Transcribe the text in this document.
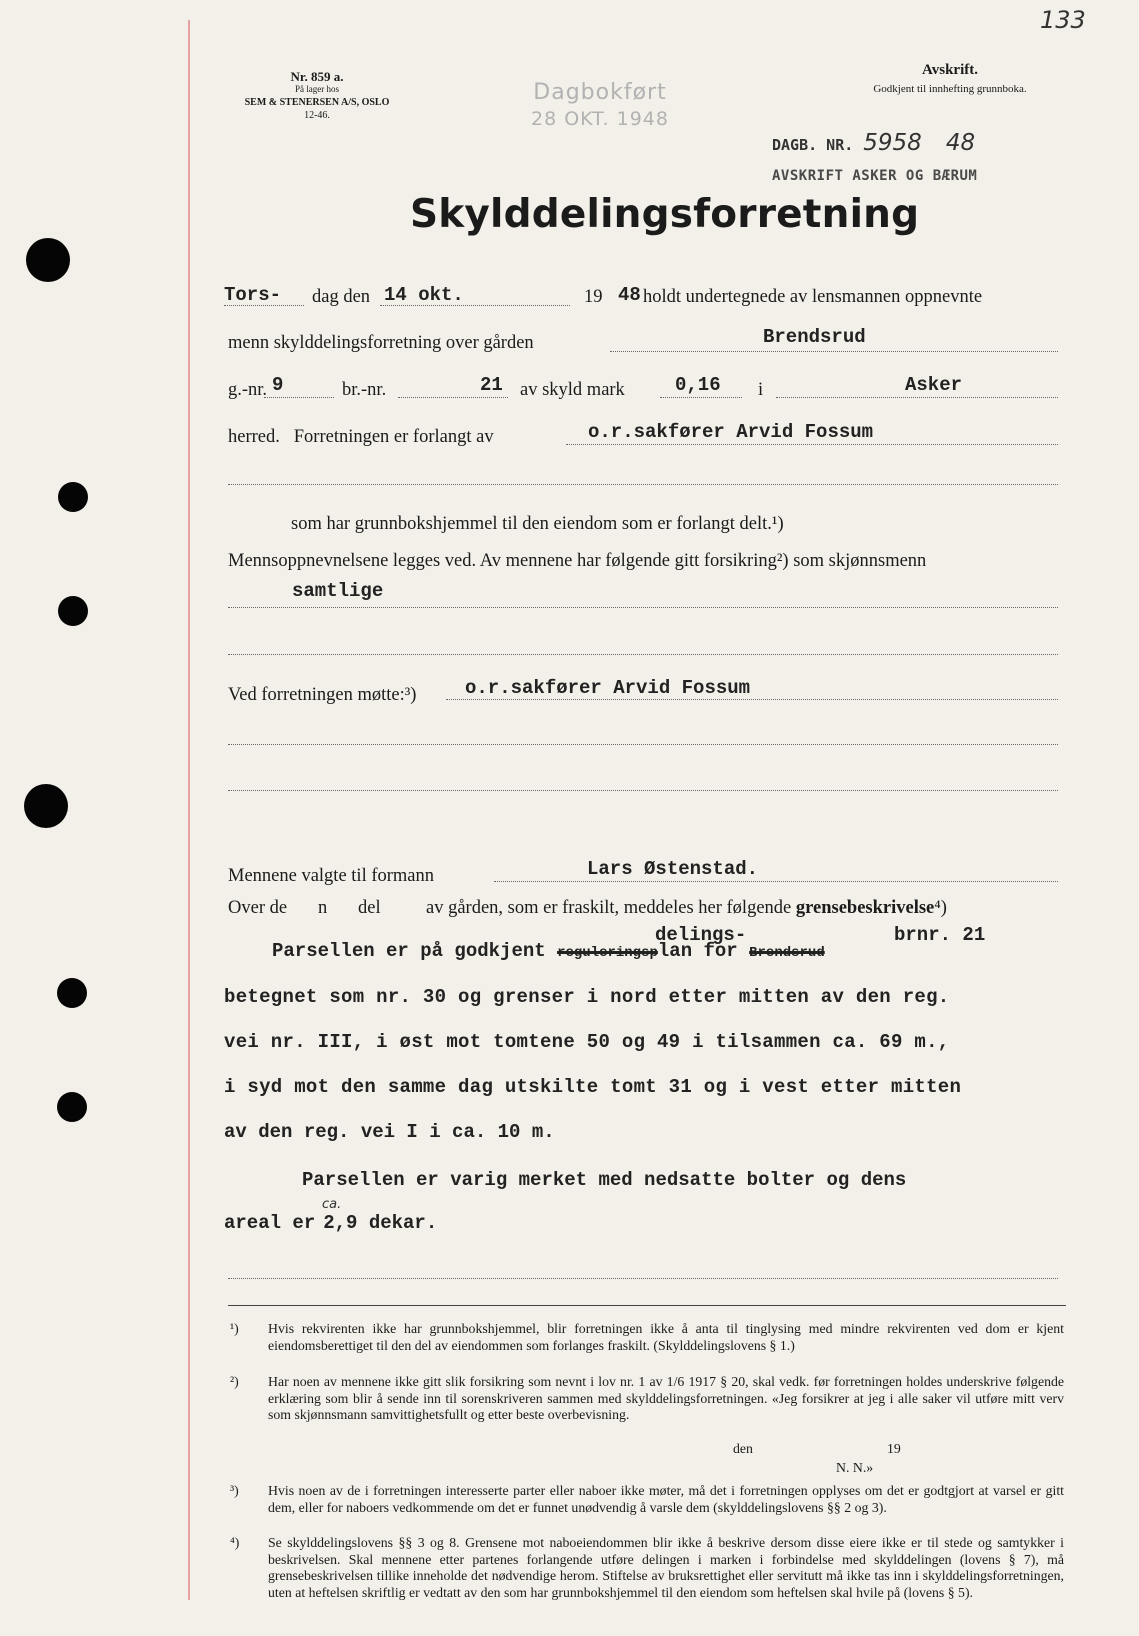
133
Nr. 859 a.
På lager hos
SEM & STENERSEN A/S, OSLO
12-46.
Dagbokført
28 OKT. 1948
Avskrift.
Godkjent til innhefting grunnboka.
DAGB. NR. 5958 48
AVSKRIFT ASKER OG BÆRUM
Skylddelingsforretning
Tors- dag den 14 okt.	19 48 holdt undertegnede av lensmannen oppnevnte
menn skylddelingsforretning over gården	Brendsrud
g.-nr. 9	br.-nr.	21 av skyld mark	0,16 i	Asker
herred.   Forretningen er forlangt av	o.r.sakfører Arvid Fossum
som har grunnbokshjemmel til den eiendom som er forlangt delt.¹)
Mennsoppnevnelsene legges ved. Av mennene har følgende gitt forsikring²) som skjønnsmenn
samtlige
Ved forretningen møtte:³)	o.r.sakfører Arvid Fossum
Mennene valgte til formann	Lars Østenstad.
Over de n del av gården, som er fraskilt, meddeles her følgende grensebeskrivelse⁴)
delings-	brnr. 21
Parsellen er på godkjent reguleringsplan for Brendsrud
betegnet som nr. 30 og grenser i nord etter mitten av den reg.
vei nr. III, i øst mot tomtene 50 og 49 i tilsammen ca. 69 m.,
i syd mot den samme dag utskilte tomt 31 og i vest etter mitten
av den reg. vei I i ca. 10 m.
Parsellen er varig merket med nedsatte bolter og dens
areal er 2,9 dekar.
ca.
¹) Hvis rekvirenten ikke har grunnbokshjemmel, blir forretningen ikke å anta til tinglysing med mindre rekvirenten ved dom er kjent eiendomsberettiget til den del av eiendommen som forlanges fraskilt. (Skylddelingslovens § 1.)
²) Har noen av mennene ikke gitt slik forsikring som nevnt i lov nr. 1 av 1/6 1917 § 20, skal vedk. før forretningen holdes underskrive følgende erklæring som blir å sende inn til sorenskriveren sammen med skylddelingsforretningen. «Jeg forsikrer at jeg i alle saker vil utføre mitt verv som skjønnsmann samvittighetsfullt og etter beste overbevisning.
den	19
N. N.»
³) Hvis noen av de i forretningen interesserte parter eller naboer ikke møter, må det i forretningen opplyses om det er godtgjort at varsel er gitt dem, eller for naboers vedkommende om det er funnet unødvendig å varsle dem (skylddelingslovens §§ 2 og 3).
⁴) Se skylddelingslovens §§ 3 og 8. Grensene mot naboeiendommen blir ikke å beskrive dersom disse eiere ikke er til stede og samtykker i beskrivelsen. Skal mennene etter partenes forlangende utføre delingen i marken i forbindelse med skylddelingen (lovens § 7), må grensebeskrivelsen tillike inneholde det nødvendige herom. Stiftelse av bruksrettighet eller servitutt må ikke tas inn i skylddelingsforretningen, uten at heftelsen skriftlig er vedtatt av den som har grunnbokshjemmel til den eiendom som heftelsen skal hvile på (lovens § 5).
